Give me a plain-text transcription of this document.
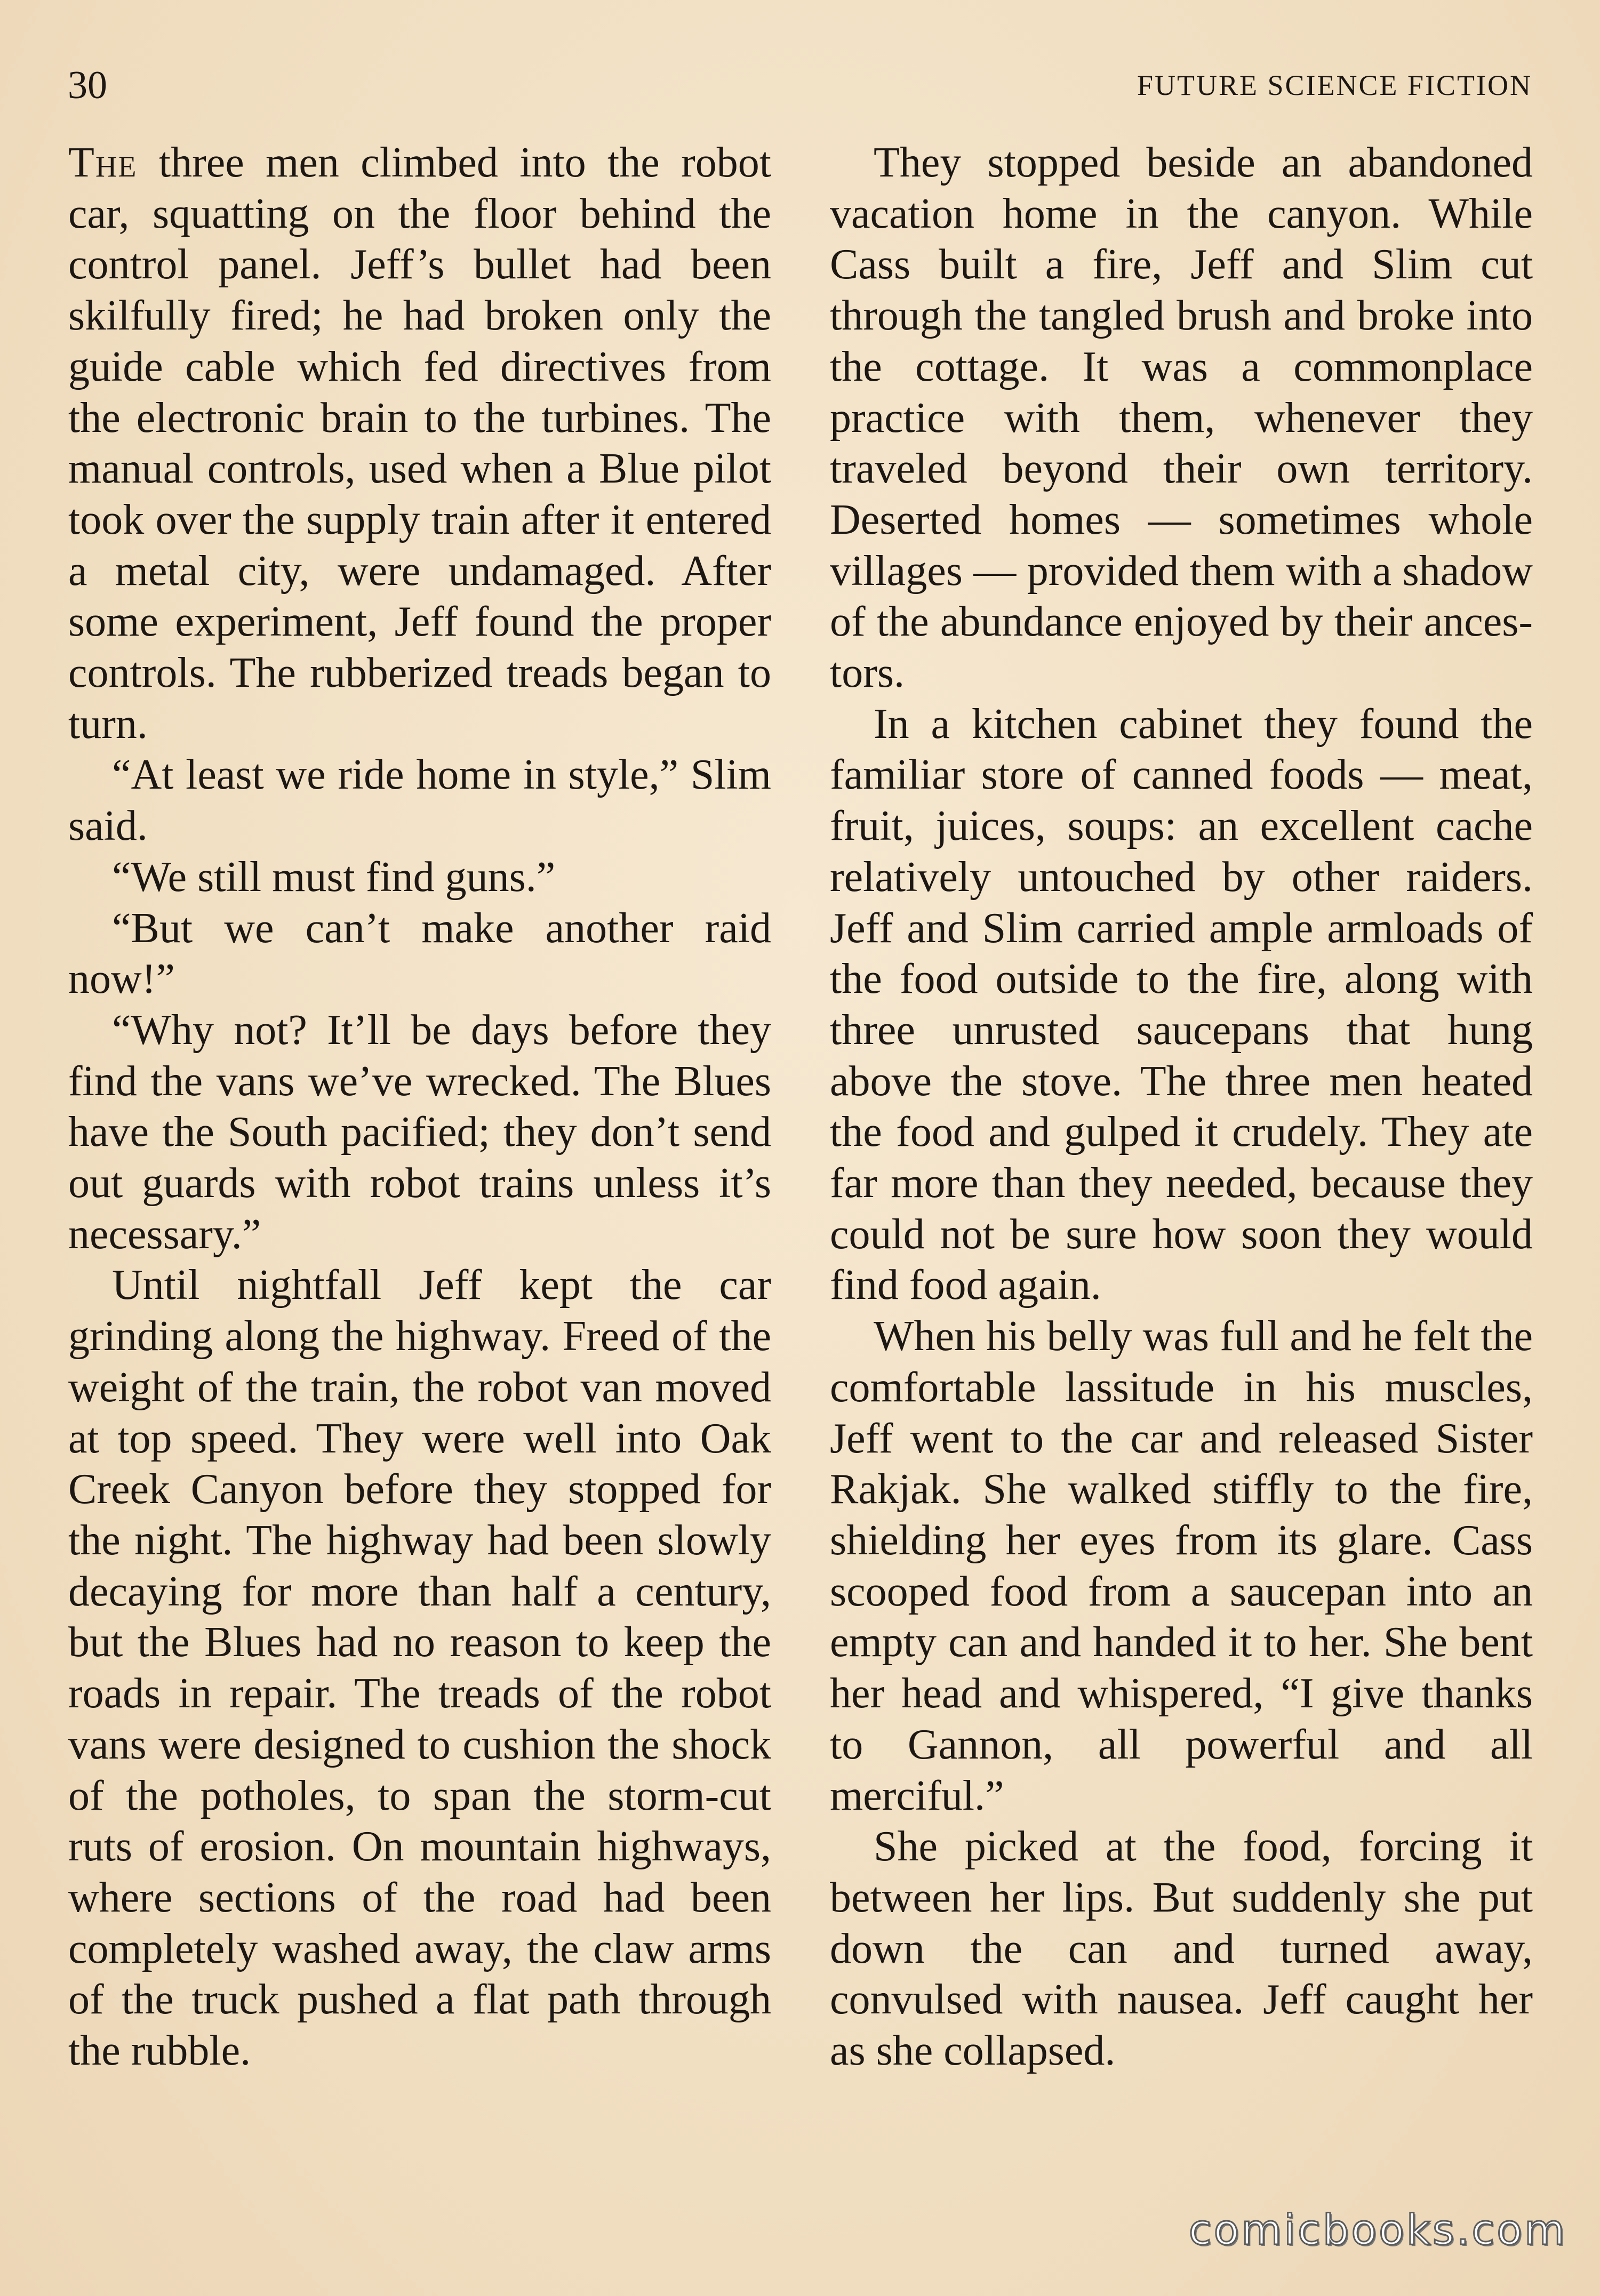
30	FUTURE SCIENCE FICTION

The three men climbed into the robot car, squatting on the floor behind the control panel. Jeff’s bullet had been skilfully fired; he had broken only the guide cable which fed directives from the electronic brain to the turbines. The manual controls, used when a Blue pilot took over the supply train after it entered a metal city, were undamaged. After some experiment, Jeff found the proper controls. The rubberized treads began to turn.

“At least we ride home in style,” Slim said.

“We still must find guns.”

“But we can’t make another raid now!”

“Why not? It’ll be days before they find the vans we’ve wrecked. The Blues have the South pacified; they don’t send out guards with robot trains unless it’s necessary.”

Until nightfall Jeff kept the car grinding along the highway. Freed of the weight of the train, the robot van moved at top speed. They were well into Oak Creek Canyon before they stopped for the night. The highway had been slowly decaying for more than half a century, but the Blues had no reason to keep the roads in repair. The treads of the robot vans were designed to cushion the shock of the potholes, to span the storm-cut ruts of erosion. On mountain highways, where sections of the road had been completely washed away, the claw arms of the truck pushed a flat path through the rubble.

They stopped beside an abandoned vacation home in the canyon. While Cass built a fire, Jeff and Slim cut through the tangled brush and broke into the cottage. It was a commonplace practice with them, whenever they traveled beyond their own territory. Deserted homes — sometimes whole villages — provided them with a shadow of the abundance enjoyed by their ancestors.

In a kitchen cabinet they found the familiar store of canned foods — meat, fruit, juices, soups: an excellent cache relatively untouched by other raiders. Jeff and Slim carried ample armloads of the food outside to the fire, along with three unrusted saucepans that hung above the stove. The three men heated the food and gulped it crudely. They ate far more than they needed, because they could not be sure how soon they would find food again.

When his belly was full and he felt the comfortable lassitude in his muscles, Jeff went to the car and released Sister Rakjak. She walked stiffly to the fire, shielding her eyes from its glare. Cass scooped food from a saucepan into an empty can and handed it to her. She bent her head and whispered, “I give thanks to Gannon, all powerful and all merciful.”

She picked at the food, forcing it between her lips. But suddenly she put down the can and turned away, convulsed with nausea. Jeff caught her as she collapsed.

comicbooks.com
